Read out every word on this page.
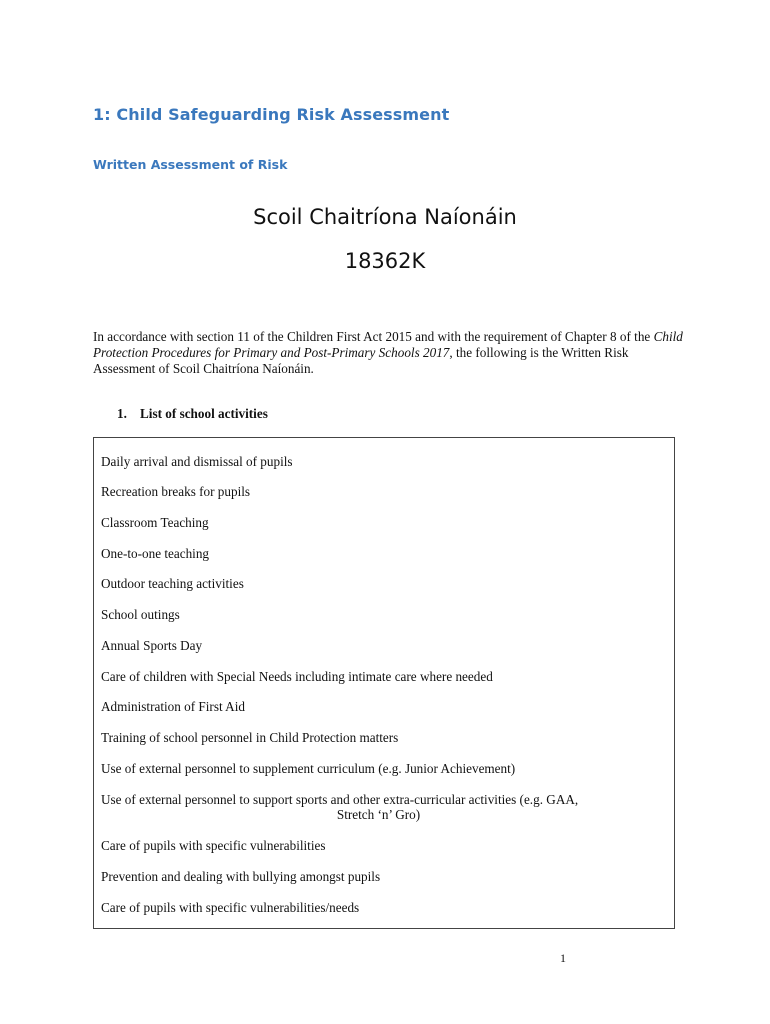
1: Child Safeguarding Risk Assessment
Written Assessment of Risk
Scoil Chaitríona Naíonáin
18362K
In accordance with section 11 of the Children First Act 2015 and with the requirement of Chapter 8 of the Child Protection Procedures for Primary and Post-Primary Schools 2017, the following is the Written Risk Assessment of Scoil Chaitríona Naíonáin.
1. List of school activities
Daily arrival and dismissal of pupils
Recreation breaks for pupils
Classroom Teaching
One-to-one teaching
Outdoor teaching activities
School outings
Annual Sports Day
Care of children with Special Needs including intimate care where needed
Administration of First Aid
Training of school personnel in Child Protection matters
Use of external personnel to supplement curriculum (e.g. Junior Achievement)
Use of external personnel to support sports and other extra-curricular activities (e.g. GAA,
Stretch ‘n’ Gro)
Care of pupils with specific vulnerabilities
Prevention and dealing with bullying amongst pupils
Care of pupils with specific vulnerabilities/needs
1
